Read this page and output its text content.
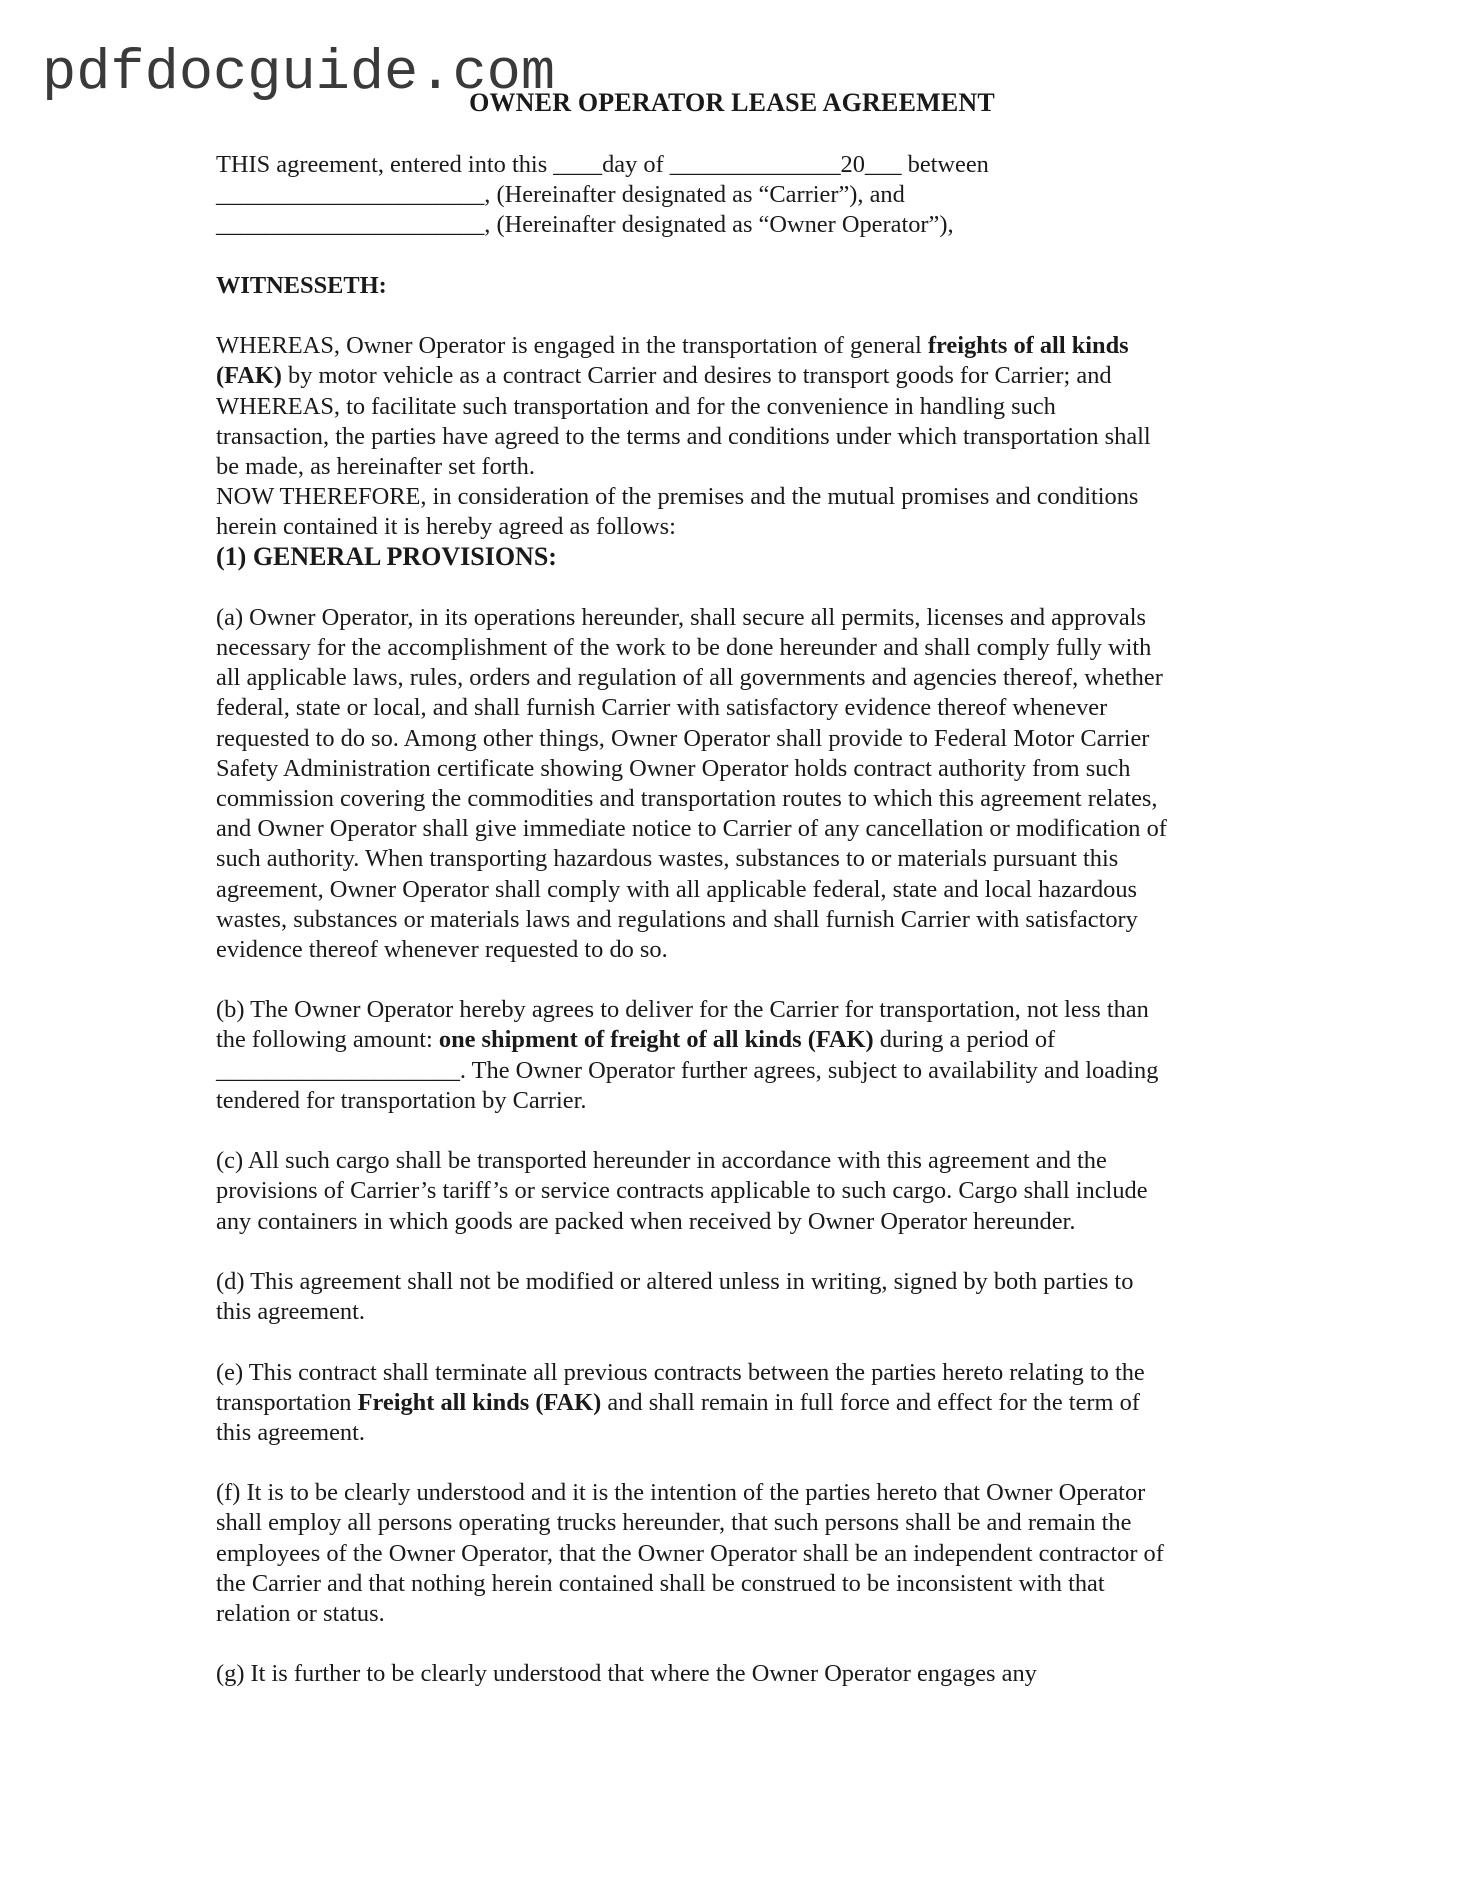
pdfdocguide.com
OWNER OPERATOR LEASE AGREEMENT
THIS agreement, entered into this ____day of ______________20___ between
______________________, (Hereinafter designated as “Carrier”), and
______________________, (Hereinafter designated as “Owner Operator”),
WITNESSETH:
WHEREAS, Owner Operator is engaged in the transportation of general freights of all kinds
(FAK) by motor vehicle as a contract Carrier and desires to transport goods for Carrier; and
WHEREAS, to facilitate such transportation and for the convenience in handling such
transaction, the parties have agreed to the terms and conditions under which transportation shall
be made, as hereinafter set forth.
NOW THEREFORE, in consideration of the premises and the mutual promises and conditions
herein contained it is hereby agreed as follows:
(1) GENERAL PROVISIONS:
(a) Owner Operator, in its operations hereunder, shall secure all permits, licenses and approvals
necessary for the accomplishment of the work to be done hereunder and shall comply fully with
all applicable laws, rules, orders and regulation of all governments and agencies thereof, whether
federal, state or local, and shall furnish Carrier with satisfactory evidence thereof whenever
requested to do so. Among other things, Owner Operator shall provide to Federal Motor Carrier
Safety Administration certificate showing Owner Operator holds contract authority from such
commission covering the commodities and transportation routes to which this agreement relates,
and Owner Operator shall give immediate notice to Carrier of any cancellation or modification of
such authority. When transporting hazardous wastes, substances to or materials pursuant this
agreement, Owner Operator shall comply with all applicable federal, state and local hazardous
wastes, substances or materials laws and regulations and shall furnish Carrier with satisfactory
evidence thereof whenever requested to do so.
(b) The Owner Operator hereby agrees to deliver for the Carrier for transportation, not less than
the following amount: one shipment of freight of all kinds (FAK) during a period of
____________________. The Owner Operator further agrees, subject to availability and loading
tendered for transportation by Carrier.
(c) All such cargo shall be transported hereunder in accordance with this agreement and the
provisions of Carrier’s tariff’s or service contracts applicable to such cargo. Cargo shall include
any containers in which goods are packed when received by Owner Operator hereunder.
(d) This agreement shall not be modified or altered unless in writing, signed by both parties to
this agreement.
(e) This contract shall terminate all previous contracts between the parties hereto relating to the
transportation Freight all kinds (FAK) and shall remain in full force and effect for the term of
this agreement.
(f) It is to be clearly understood and it is the intention of the parties hereto that Owner Operator
shall employ all persons operating trucks hereunder, that such persons shall be and remain the
employees of the Owner Operator, that the Owner Operator shall be an independent contractor of
the Carrier and that nothing herein contained shall be construed to be inconsistent with that
relation or status.
(g) It is further to be clearly understood that where the Owner Operator engages any
